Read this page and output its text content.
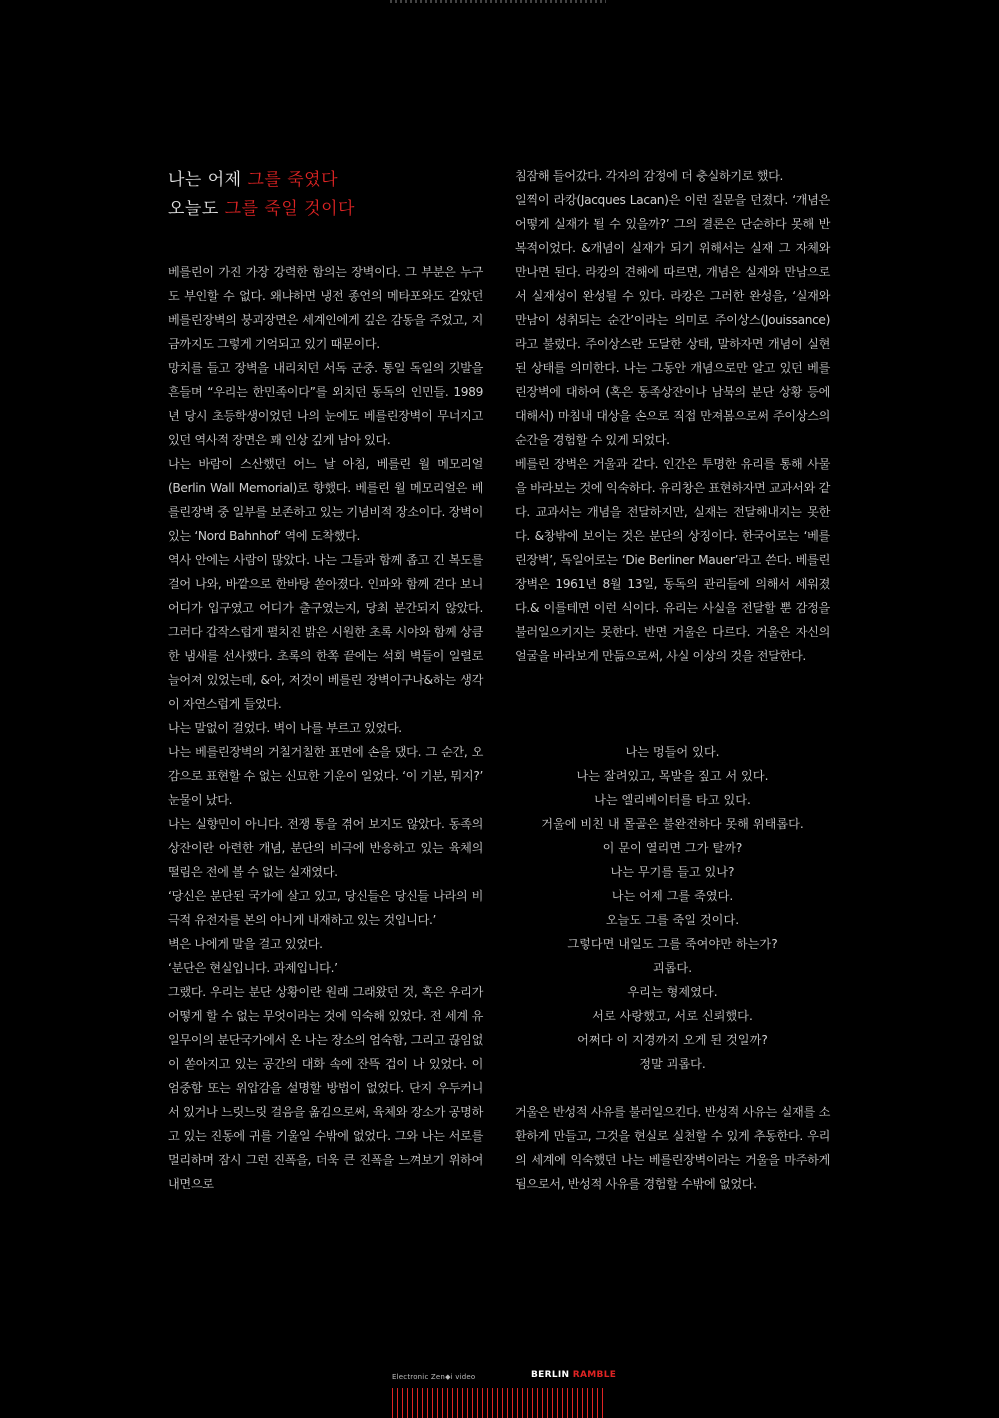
나는 어제 그를 죽였다
오늘도 그를 죽일 것이다

베를린이 가진 가장 강력한 함의는 장벽이다. 그 부분은 누구도 부인할 수 없다. 왜냐하면 냉전 종언의 메타포와도 같았던 베를린장벽의 붕괴장면은 세계인에게 깊은 감동을 주었고, 지금까지도 그렇게 기억되고 있기 때문이다.

망치를 들고 장벽을 내리치던 서독 군중. 통일 독일의 깃발을 흔들며 “우리는 한민족이다”를 외치던 동독의 인민들. 1989년 당시 초등학생이었던 나의 눈에도 베를린장벽이 무너지고 있던 역사적 장면은 꽤 인상 깊게 남아 있다.

나는 바람이 스산했던 어느 날 아침, 베를린 월 메모리얼(Berlin Wall Memorial)로 향했다. 베를린 월 메모리얼은 베를린장벽 중 일부를 보존하고 있는 기념비적 장소이다. 장벽이 있는 ‘Nord Bahnhof’ 역에 도착했다.

역사 안에는 사람이 많았다. 나는 그들과 함께 좁고 긴 복도를 걸어 나와, 바깥으로 한바탕 쏟아졌다. 인파와 함께 걷다 보니 어디가 입구였고 어디가 출구였는지, 당최 분간되지 않았다. 그러다 갑작스럽게 펼치진 밝은 시원한 초록 시야와 함께 상큼한 냄새를 선사했다. 초록의 한쪽 끝에는 석회 벽들이 일렬로 늘어져 있었는데, &아, 저것이 베를린 장벽이구나&하는 생각이 자연스럽게 들었다.

나는 말없이 걸었다. 벽이 나를 부르고 있었다.

나는 베를린장벽의 거칠거칠한 표면에 손을 댔다. 그 순간, 오감으로 표현할 수 없는 신묘한 기운이 일었다. ‘이 기분, 뭐지?’ 눈물이 났다.

나는 실향민이 아니다. 전쟁 통을 겪어 보지도 않았다. 동족의 상잔이란 아련한 개념, 분단의 비극에 반응하고 있는 육체의 떨림은 전에 볼 수 없는 실재였다.

‘당신은 분단된 국가에 살고 있고, 당신들은 당신들 나라의 비극적 유전자를 본의 아니게 내재하고 있는 것입니다.’

벽은 나에게 말을 걸고 있었다.

‘분단은 현실입니다. 과제입니다.’

그랬다. 우리는 분단 상황이란 원래 그래왔던 것, 혹은 우리가 어떻게 할 수 없는 무엇이라는 것에 익숙해 있었다. 전 세계 유일무이의 분단국가에서 온 나는 장소의 엄숙함, 그리고 끊임없이 쏟아지고 있는 공간의 대화 속에 잔뜩 겁이 나 있었다. 이 엄중함 또는 위압감을 설명할 방법이 없었다. 단지 우두커니 서 있거나 느릿느릿 걸음을 옮김으로써, 육체와 장소가 공명하고 있는 진동에 귀를 기울일 수밖에 없었다. 그와 나는 서로를 멀리하며 잠시 그런 진폭을, 더욱 큰 진폭을 느껴보기 위하여 내면으로

침잠해 들어갔다. 각자의 감정에 더 충실하기로 했다.

일찍이 라캉(Jacques Lacan)은 이런 질문을 던졌다. ‘개념은 어떻게 실재가 될 수 있을까?’ 그의 결론은 단순하다 못해 반복적이었다. &개념이 실재가 되기 위해서는 실재 그 자체와 만나면 된다. 라캉의 견해에 따르면, 개념은 실재와 만남으로서 실재성이 완성될 수 있다. 라캉은 그러한 완성을, ‘실재와 만남이 성취되는 순간’이라는 의미로 주이상스(Jouissance)라고 불렀다. 주이상스란 도달한 상태, 말하자면 개념이 실현된 상태를 의미한다. 나는 그동안 개념으로만 알고 있던 베를린장벽에 대하여 (혹은 동족상잔이나 남북의 분단 상황 등에 대해서) 마침내 대상을 손으로 직접 만져봄으로써 주이상스의 순간을 경험할 수 있게 되었다.

베를린 장벽은 거울과 같다. 인간은 투명한 유리를 통해 사물을 바라보는 것에 익숙하다. 유리창은 표현하자면 교과서와 같다. 교과서는 개념을 전달하지만, 실재는 전달해내지는 못한다. &창밖에 보이는 것은 분단의 상징이다. 한국어로는 ‘베를린장벽’, 독일어로는 ‘Die Berliner Mauer’라고 쓴다. 베를린장벽은 1961년 8월 13일, 동독의 관리들에 의해서 세워졌다.& 이를테면 이런 식이다. 유리는 사실을 전달할 뿐 감정을 불러일으키지는 못한다. 반면 거울은 다르다. 거울은 자신의 얼굴을 바라보게 만듦으로써, 사실 이상의 것을 전달한다.

나는 멍들어 있다.

나는 잘려있고, 목발을 짚고 서 있다.

나는 엘리베이터를 타고 있다.

거울에 비친 내 몰골은 불완전하다 못해 위태롭다.

이 문이 열리면 그가 탈까?

나는 무기를 들고 있나?

나는 어제 그를 죽였다.

오늘도 그를 죽일 것이다.

그렇다면 내일도 그를 죽여야만 하는가?

괴롭다.

우리는 형제였다.

서로 사랑했고, 서로 신뢰했다.

어쩌다 이 지경까지 오게 된 것일까?

정말 괴롭다.

거울은 반성적 사유를 불러일으킨다. 반성적 사유는 실재를 소환하게 만들고, 그것을 현실로 실천할 수 있게 추동한다. 우리의 세계에 익숙했던 나는 베를린장벽이라는 거울을 마주하게 됨으로서, 반성적 사유를 경험할 수밖에 없었다.

Electronic Zen◆i video	BERLIN RAMBLE
